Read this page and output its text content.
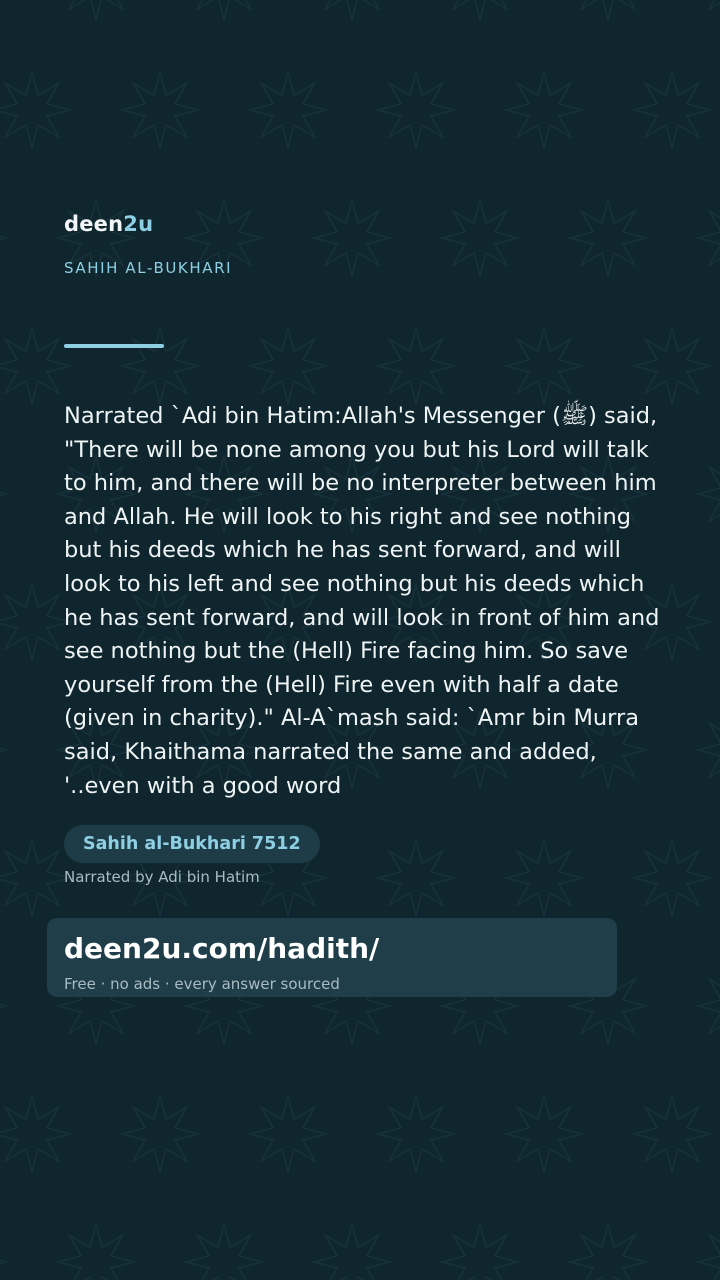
deen2u
SAHIH AL-BUKHARI
Narrated `Adi bin Hatim:Allah's Messenger (ﷺ) said, "There will be none among you but his Lord will talk to him, and there will be no interpreter between him and Allah. He will look to his right and see nothing but his deeds which he has sent forward, and will look to his left and see nothing but his deeds which he has sent forward, and will look in front of him and see nothing but the (Hell) Fire facing him. So save yourself from the (Hell) Fire even with half a date (given in charity)." Al-A`mash said: `Amr bin Murra said, Khaithama narrated the same and added, '..even with a good word
Sahih al-Bukhari 7512
Narrated by Adi bin Hatim
deen2u.com/hadith/
Free · no ads · every answer sourced
